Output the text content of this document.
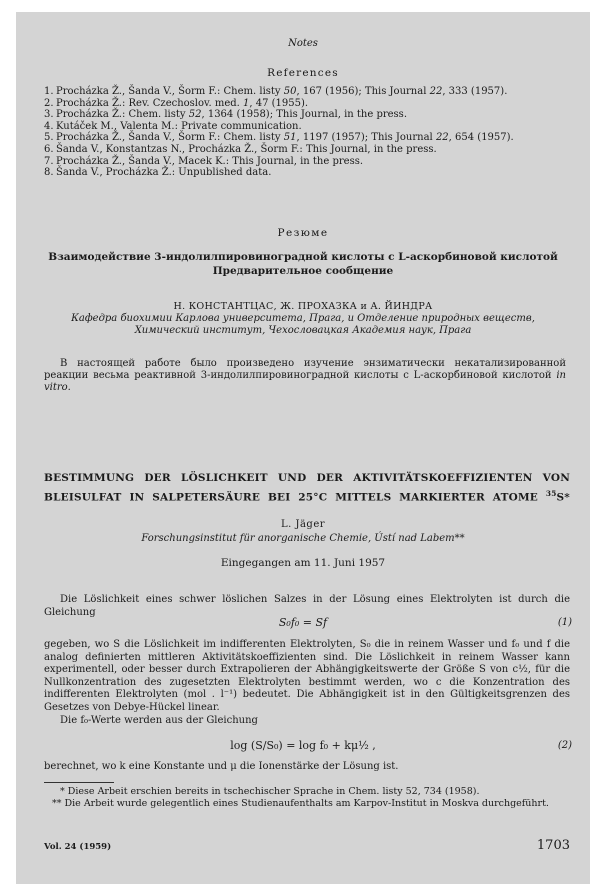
Notes
References
1. Procházka Ž., Šanda V., Šorm F.: Chem. listy 50, 167 (1956); This Journal 22, 333 (1957).
2. Procházka Ž.: Rev. Czechoslov. med. 1, 47 (1955).
3. Procházka Ž.: Chem. listy 52, 1364 (1958); This Journal, in the press.
4. Kutáček M., Valenta M.: Private communication.
5. Procházka Ž., Šanda V., Šorm F.: Chem. listy 51, 1197 (1957); This Journal 22, 654 (1957).
6. Šanda V., Konstantzas N., Procházka Ž., Šorm F.: This Journal, in the press.
7. Procházka Ž., Šanda V., Macek K.: This Journal, in the press.
8. Šanda V., Procházka Ž.: Unpublished data.
Резюме
Взаимодействие 3-индолилпировиноградной кислоты с L-аскорбиновой кислотой
Предварительное сообщение
Н. КОНСТАНТЦАС, Ж. ПРОХАЗКА и А. ЙИНДРА
Кафедра биохимии Карлова университета, Прага, и Отделение природных веществ,
Химический институт, Чехословацкая Академия наук, Прага
В настоящей работе было произведено изучение энзиматически некатализированной реакции весьма реактивной 3-индолилпировиноградной кислоты с L-аскорбиновой кислотой in vitro.
BESTIMMUNG DER LÖSLICHKEIT UND DER AKTIVITÄTSKOEFFIZIENTEN VON
BLEISULFAT IN SALPETERSÄURE BEI 25°C MITTELS MARKIERTER ATOME $^{35}$S*
L. Jäger
Forschungsinstitut für anorganische Chemie, Ústí nad Labem**
Eingegangen am 11. Juni 1957
Die Löslichkeit eines schwer löslichen Salzes in der Lösung eines Elektrolyten ist durch die Gleichung
S₀f₀ = Sf	(1)
gegeben, wo S die Löslichkeit im indifferenten Elektrolyten, S₀ die in reinem Wasser und f₀ und f die analog definierten mittleren Aktivitätskoeffizienten sind. Die Löslichkeit in reinem Wasser kann experimentell, oder besser durch Extrapolieren der Abhängigkeitswerte der Größe S von c½, für die Nullkonzentration des zugesetzten Elektrolyten bestimmt werden, wo c die Konzentration des indifferenten Elektrolyten (mol . l⁻¹) bedeutet. Die Abhängigkeit ist in den Gültigkeitsgrenzen des Gesetzes von Debye-Hückel linear.
Die f₀-Werte werden aus der Gleichung
log (S/S₀) = log f₀ + kμ½ ,	(2)
berechnet, wo k eine Konstante und μ die Ionenstärke der Lösung ist.
* Diese Arbeit erschien bereits in tschechischer Sprache in Chem. listy 52, 734 (1958).
** Die Arbeit wurde gelegentlich eines Studienaufenthalts am Karpov-Institut in Moskva durchgeführt.
Vol. 24 (1959)	1703
